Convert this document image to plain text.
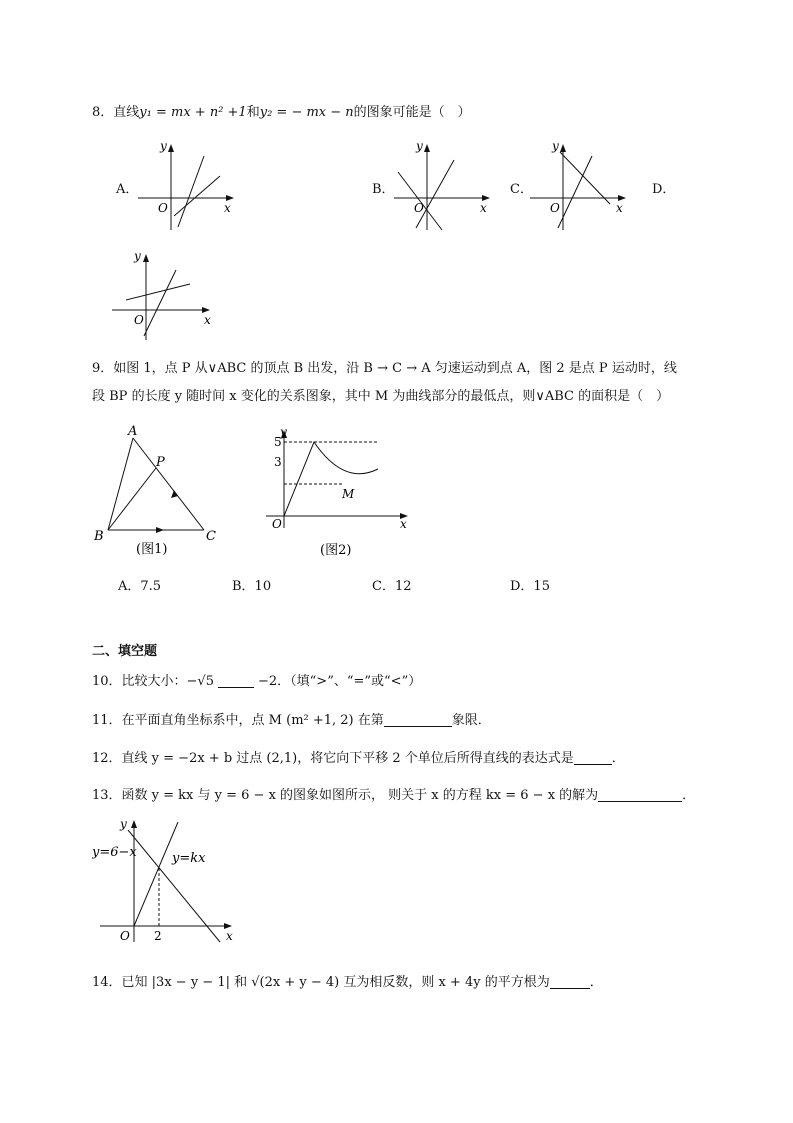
8．直线y₁ = mx + n² +1和y₂ = − mx − n的图象可能是（　）
A．
y
x
O
B．
y
x
O
C．
y
x
O
D．
y
x
O
9．如图 1，点 P 从∨ABC 的顶点 B 出发，沿 B → C → A 匀速运动到点 A，图 2 是点 P 运动时，线
段 BP 的长度 y 随时间 x 变化的关系图象，其中 M 为曲线部分的最低点，则∨ABC 的面积是（　）
A
B	C
P
(图1)
5
3
y
x
O
M
(图2)
A．7.5	B．10	C．12	D．15
二、填空题
10．比较大小：−√5	−2．（填“>”、“=”或“<”）
11．在平面直角坐标系中，点 M (m² +1, 2) 在第	象限．
12．直线 y = −2x + b 过点 (2,1)，将它向下平移 2 个单位后所得直线的表达式是	．
13．函数 y = kx 与 y = 6 − x 的图象如图所示， 则关于 x 的方程 kx = 6 − x 的解为	．
y=6−x	y=kx
y
x
O 2
14．已知 |3x − y − 1| 和 √(2x + y − 4) 互为相反数，则 x + 4y 的平方根为	．
